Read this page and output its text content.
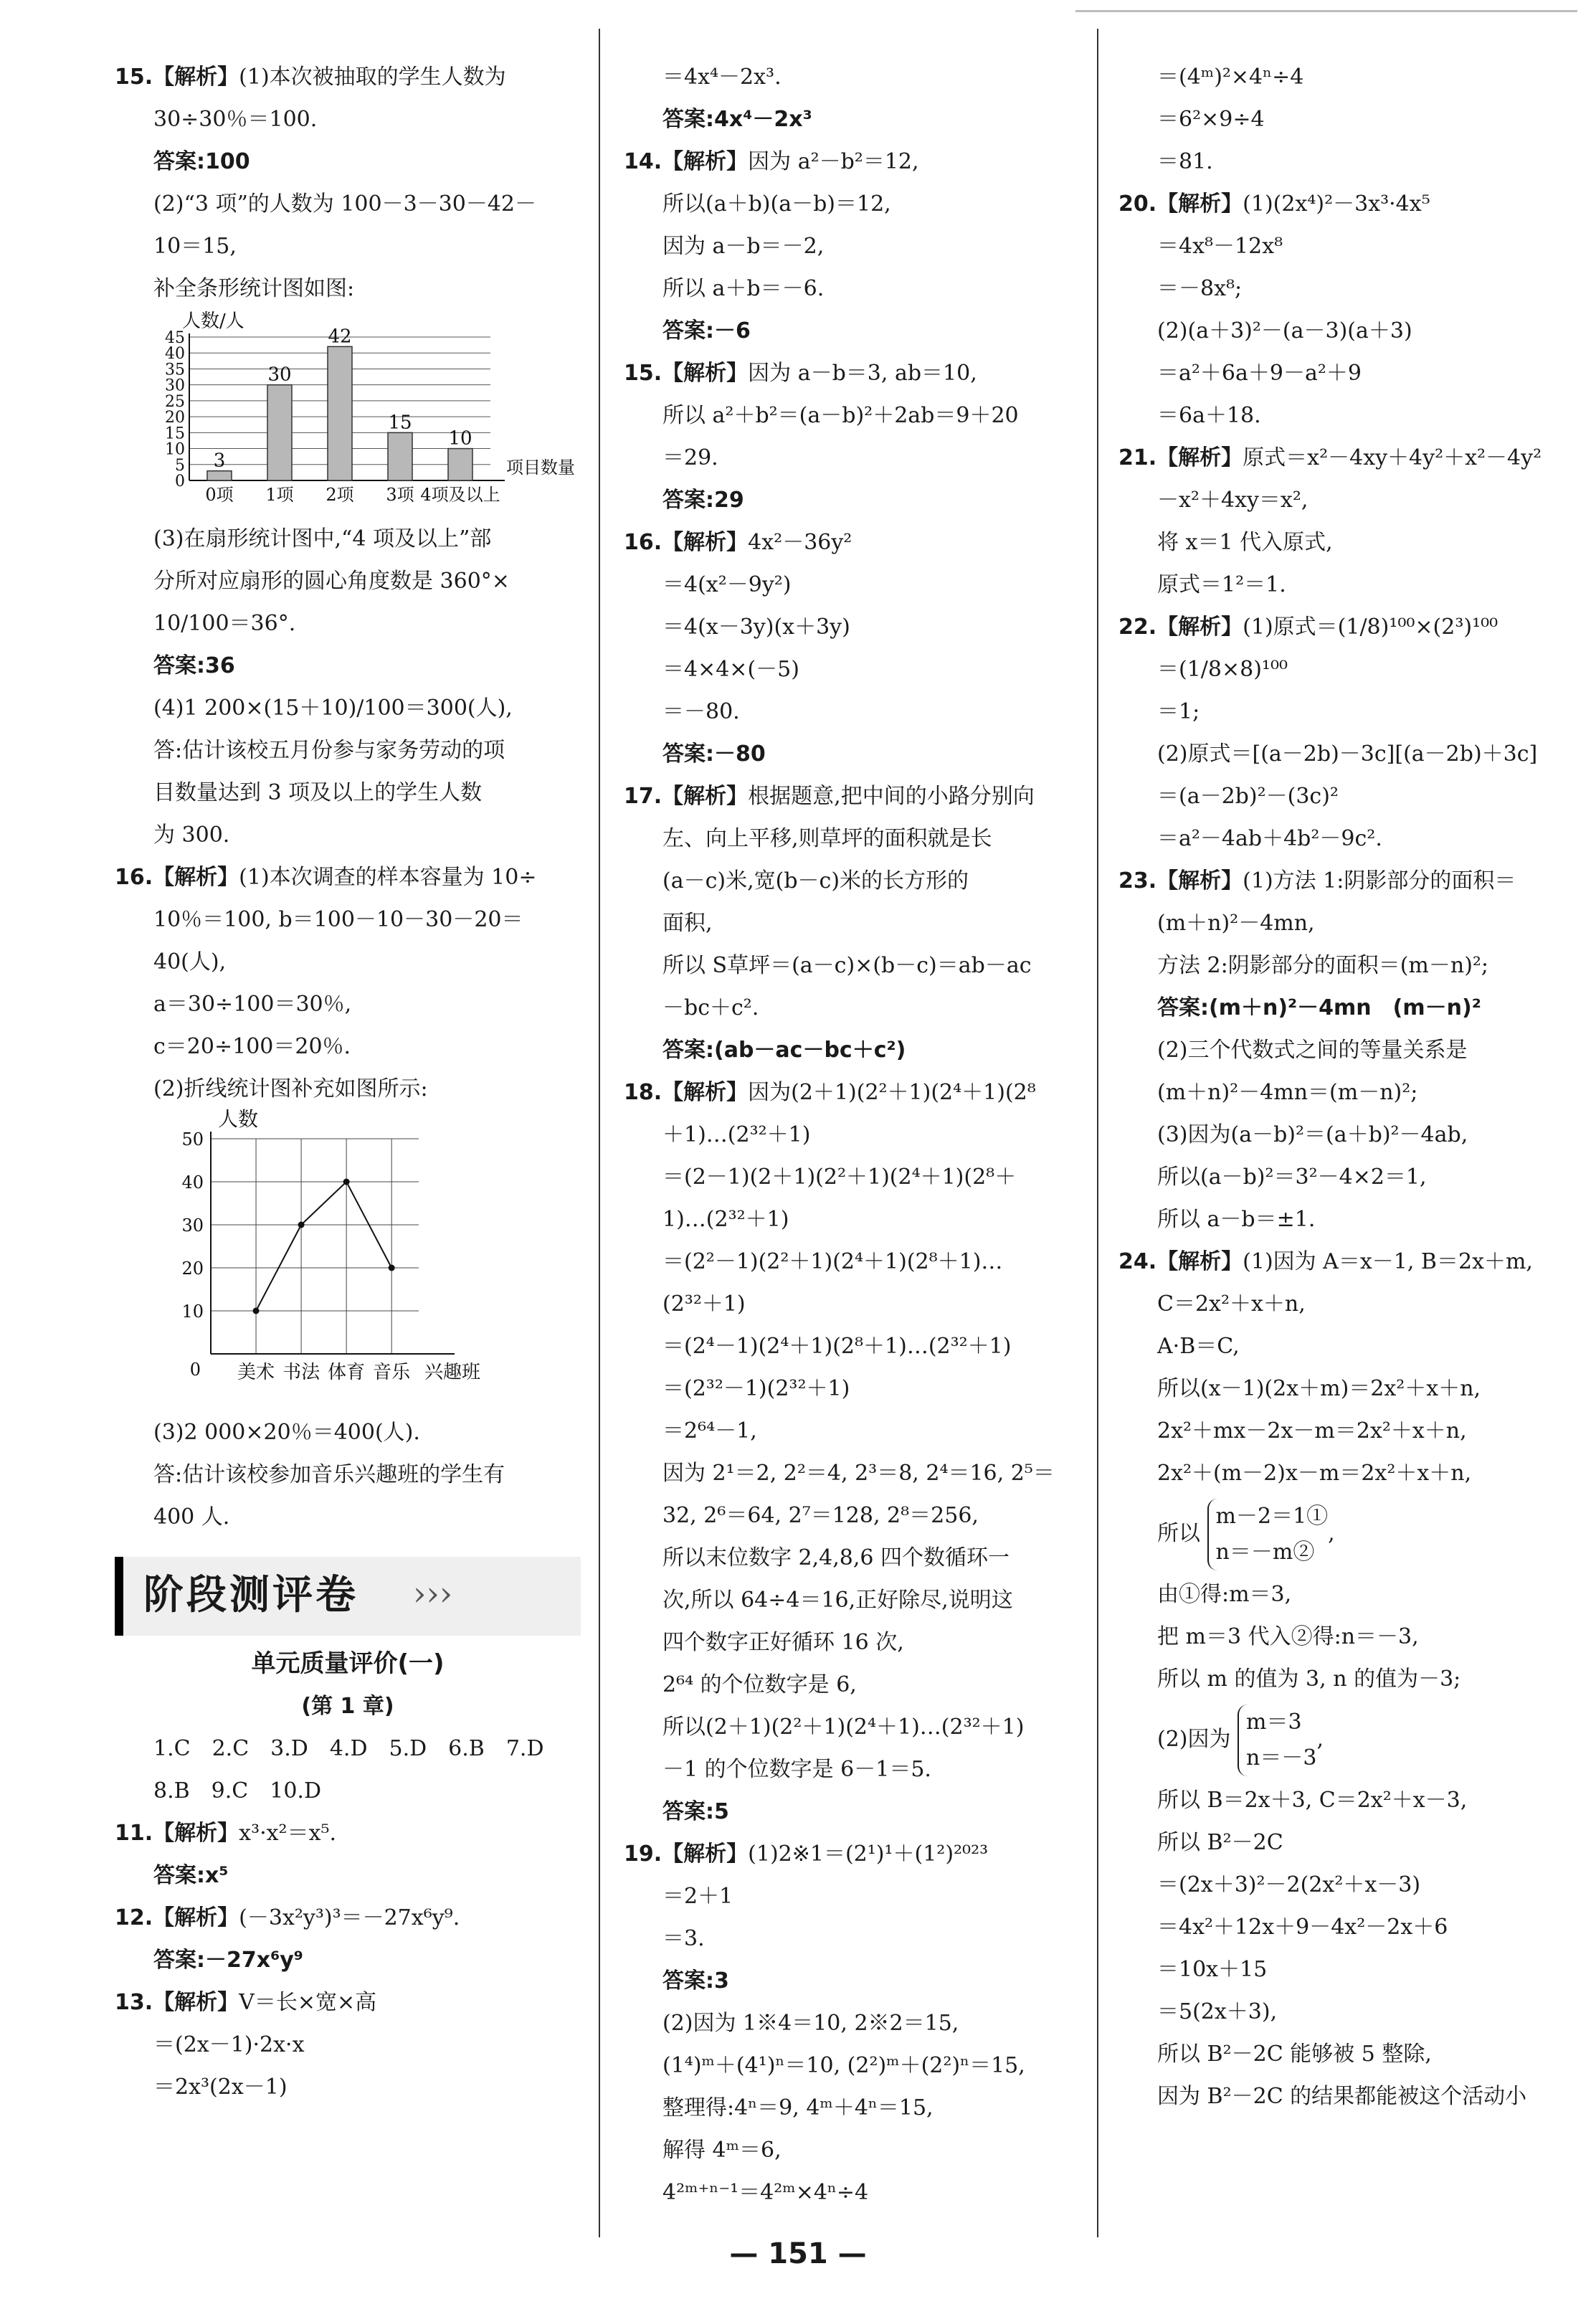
15.【解析】(1)本次被抽取的学生人数为

30÷30％＝100.

答案:100

(2)“3 项”的人数为 100－3－30－42－

10＝15,

补全条形统计图如图:

人数/人
0
5
10
15
20
25
30
35
40
45
3
0项
30
1项
42
2项
15
3项
10
4项及以上
项目数量

(3)在扇形统计图中,“4 项及以上”部

分所对应扇形的圆心角度数是 360°×

10/100＝36°.

答案:36

(4)1 200×(15＋10)/100＝300(人),

答:估计该校五月份参与家务劳动的项

目数量达到 3 项及以上的学生人数

为 300.

16.【解析】(1)本次调查的样本容量为 10÷

10％＝100, b＝100－10－30－20＝

40(人),

a＝30÷100＝30％,

c＝20÷100＝20％.

(2)折线统计图补充如图所示:

人数
0
10
20
30
40
50
美术 书法 体育 音乐 兴趣班

(3)2 000×20％＝400(人).

答:估计该校参加音乐兴趣班的学生有

400 人.

阶段测评卷 ›››

单元质量评价(一)

(第 1 章)

1.C　2.C　3.D　4.D　5.D　6.B　7.D

8.B　9.C　10.D

11.【解析】x³·x²＝x⁵.

答案:x⁵

12.【解析】(－3x²y³)³＝－27x⁶y⁹.

答案:－27x⁶y⁹

13.【解析】V＝长×宽×高

＝(2x－1)·2x·x

＝2x³(2x－1)

＝4x⁴－2x³.

答案:4x⁴－2x³

14.【解析】因为 a²－b²＝12,

所以(a＋b)(a－b)＝12,

因为 a－b＝－2,

所以 a＋b＝－6.

答案:－6

15.【解析】因为 a－b＝3, ab＝10,

所以 a²＋b²＝(a－b)²＋2ab＝9＋20

＝29.

答案:29

16.【解析】4x²－36y²

＝4(x²－9y²)

＝4(x－3y)(x＋3y)

＝4×4×(－5)

＝－80.

答案:－80

17.【解析】根据题意,把中间的小路分别向

左、向上平移,则草坪的面积就是长

(a－c)米,宽(b－c)米的长方形的

面积,

所以 S草坪＝(a－c)×(b－c)＝ab－ac

－bc＋c².

答案:(ab－ac－bc＋c²)

18.【解析】因为(2＋1)(2²＋1)(2⁴＋1)(2⁸

＋1)…(2³²＋1)

＝(2－1)(2＋1)(2²＋1)(2⁴＋1)(2⁸＋

1)…(2³²＋1)

＝(2²－1)(2²＋1)(2⁴＋1)(2⁸＋1)…

(2³²＋1)

＝(2⁴－1)(2⁴＋1)(2⁸＋1)…(2³²＋1)

＝(2³²－1)(2³²＋1)

＝2⁶⁴－1,

因为 2¹＝2, 2²＝4, 2³＝8, 2⁴＝16, 2⁵＝

32, 2⁶＝64, 2⁷＝128, 2⁸＝256,

所以末位数字 2,4,8,6 四个数循环一

次,所以 64÷4＝16,正好除尽,说明这

四个数字正好循环 16 次,

2⁶⁴ 的个位数字是 6,

所以(2＋1)(2²＋1)(2⁴＋1)…(2³²＋1)

－1 的个位数字是 6－1＝5.

答案:5

19.【解析】(1)2※1＝(2¹)¹＋(1²)²⁰²³

＝2＋1

＝3.

答案:3

(2)因为 1※4＝10, 2※2＝15,

(1⁴)ᵐ＋(4¹)ⁿ＝10, (2²)ᵐ＋(2²)ⁿ＝15,

整理得:4ⁿ＝9, 4ᵐ＋4ⁿ＝15,

解得 4ᵐ＝6,

4²ᵐ⁺ⁿ⁻¹＝4²ᵐ×4ⁿ÷4

＝(4ᵐ)²×4ⁿ÷4

＝6²×9÷4

＝81.

20.【解析】(1)(2x⁴)²－3x³·4x⁵

＝4x⁸－12x⁸

＝－8x⁸;

(2)(a＋3)²－(a－3)(a＋3)

＝a²＋6a＋9－a²＋9

＝6a＋18.

21.【解析】原式＝x²－4xy＋4y²＋x²－4y²

－x²＋4xy＝x²,

将 x＝1 代入原式,

原式＝1²＝1.

22.【解析】(1)原式＝(1/8)¹⁰⁰×(2³)¹⁰⁰

＝(1/8×8)¹⁰⁰

＝1;

(2)原式＝[(a－2b)－3c][(a－2b)＋3c]

＝(a－2b)²－(3c)²

＝a²－4ab＋4b²－9c².

23.【解析】(1)方法 1:阴影部分的面积＝

(m＋n)²－4mn,

方法 2:阴影部分的面积＝(m－n)²;

答案:(m＋n)²－4mn　(m－n)²

(2)三个代数式之间的等量关系是

(m＋n)²－4mn＝(m－n)²;

(3)因为(a－b)²＝(a＋b)²－4ab,

所以(a－b)²＝3²－4×2＝1,

所以 a－b＝±1.

24.【解析】(1)因为 A＝x－1, B＝2x＋m,

C＝2x²＋x＋n,

A·B＝C,

所以(x－1)(2x＋m)＝2x²＋x＋n,

2x²＋mx－2x－m＝2x²＋x＋n,

2x²＋(m－2)x－m＝2x²＋x＋n,

所以 m－2＝1①
n＝－m②,

由①得:m＝3,

把 m＝3 代入②得:n＝－3,

所以 m 的值为 3, n 的值为－3;

(2)因为 m＝3
n＝－3,

所以 B＝2x＋3, C＝2x²＋x－3,

所以 B²－2C

＝(2x＋3)²－2(2x²＋x－3)

＝4x²＋12x＋9－4x²－2x＋6

＝10x＋15

＝5(2x＋3),

所以 B²－2C 能够被 5 整除,

因为 B²－2C 的结果都能被这个活动小

— 151 —
